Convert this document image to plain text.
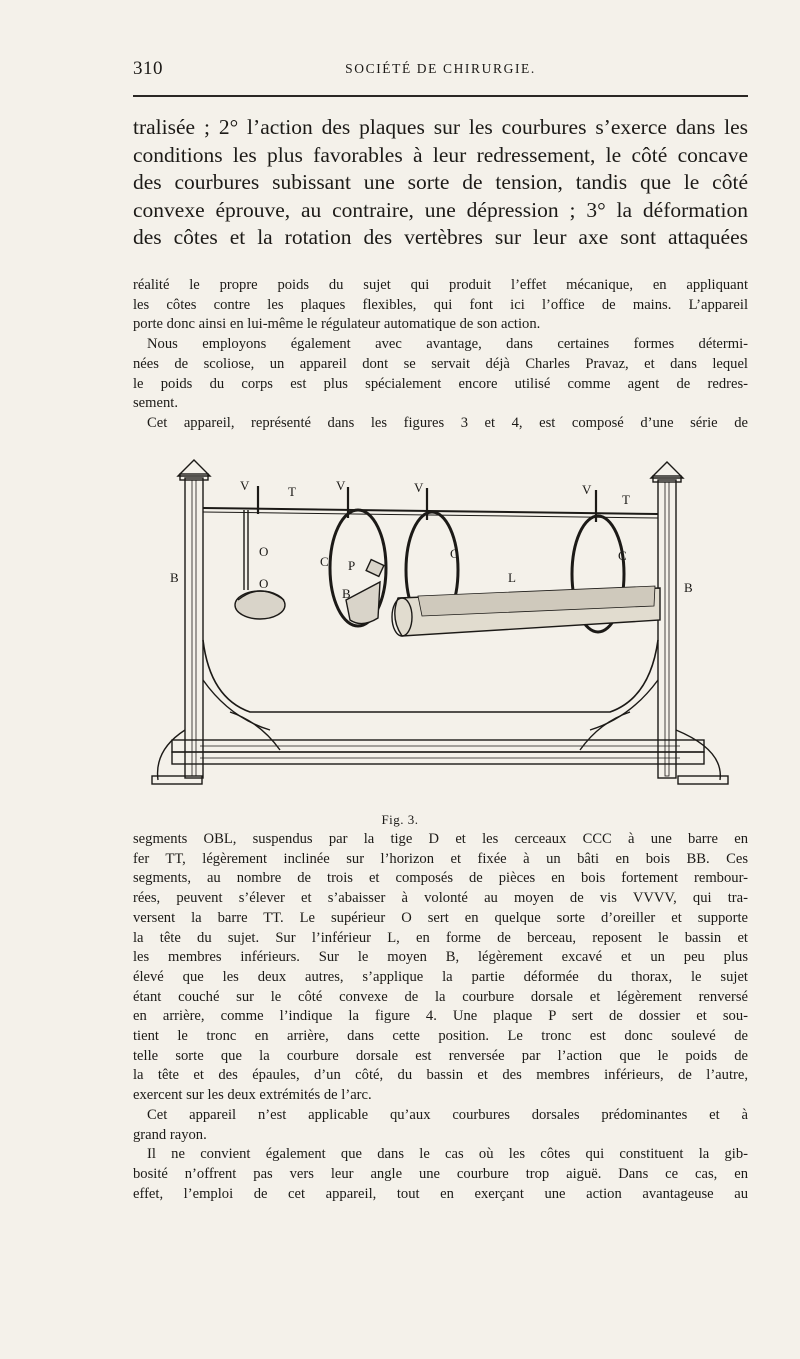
310	SOCIÉTÉ DE CHIRURGIE.
tralisée ; 2° l’action des plaques sur les courbures s’exerce dans les
conditions les plus favorables à leur redressement, le côté concave
des courbures subissant une sorte de tension, tandis que le côté
convexe éprouve, au contraire, une dépression ; 3° la déformation
des côtes et la rotation des vertèbres sur leur axe sont attaquées
réalité le propre poids du sujet qui produit l’effet mécanique, en appliquant
les côtes contre les plaques flexibles, qui font ici l’office de mains. L’appareil
porte donc ainsi en lui-même le régulateur automatique de son action.
Nous employons également avec avantage, dans certaines formes détermi-
nées de scoliose, un appareil dont se servait déjà Charles Pravaz, et dans lequel
le poids du corps est plus spécialement encore utilisé comme agent de redres-
sement.
Cet appareil, représenté dans les figures 3 et 4, est composé d’une série de
V	T	V	V	V
T
B
B
O
O
C
C	C
P
B
L
Fig. 3.
segments OBL, suspendus par la tige D et les cerceaux CCC à une barre en
fer TT, légèrement inclinée sur l’horizon et fixée à un bâti en bois BB. Ces
segments, au nombre de trois et composés de pièces en bois fortement rembour-
rées, peuvent s’élever et s’abaisser à volonté au moyen de vis VVVV, qui tra-
versent la barre TT. Le supérieur O sert en quelque sorte d’oreiller et supporte
la tête du sujet. Sur l’inférieur L, en forme de berceau, reposent le bassin et
les membres inférieurs. Sur le moyen B, légèrement excavé et un peu plus
élevé que les deux autres, s’applique la partie déformée du thorax, le sujet
étant couché sur le côté convexe de la courbure dorsale et légèrement renversé
en arrière, comme l’indique la figure 4. Une plaque P sert de dossier et sou-
tient le tronc en arrière, dans cette position. Le tronc est donc soulevé de
telle sorte que la courbure dorsale est renversée par l’action que le poids de
la tête et des épaules, d’un côté, du bassin et des membres inférieurs, de l’autre,
exercent sur les deux extrémités de l’arc.
Cet appareil n’est applicable qu’aux courbures dorsales prédominantes et à
grand rayon.
Il ne convient également que dans le cas où les côtes qui constituent la gib-
bosité n’offrent pas vers leur angle une courbure trop aiguë. Dans ce cas, en
effet, l’emploi de cet appareil, tout en exerçant une action avantageuse au
